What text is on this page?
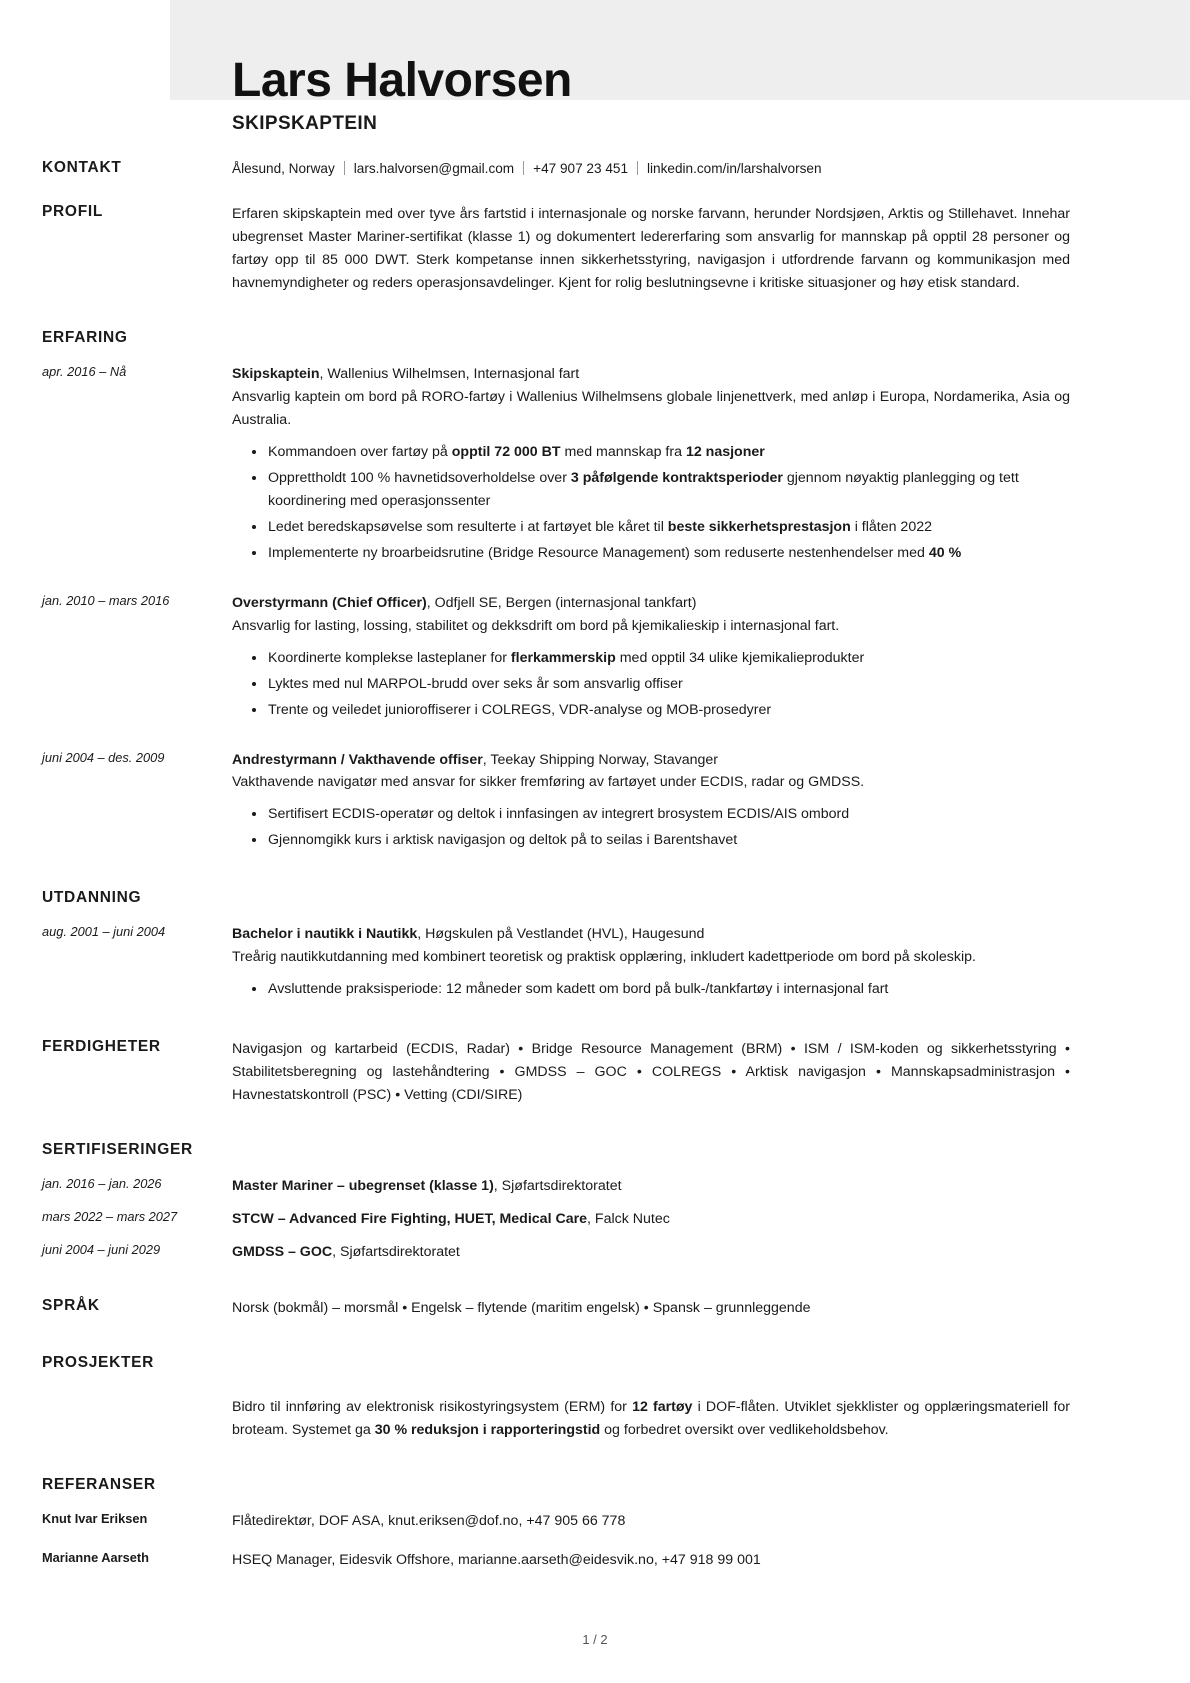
Lars Halvorsen
SKIPSKAPTEIN
KONTAKT	Ålesund, Norway lars.halvorsen@gmail.com +47 907 23 451 linkedin.com/in/larshalvorsen
PROFIL	Erfaren skipskaptein med over tyve års fartstid i internasjonale og norske farvann, herunder Nordsjøen, Arktis og Stillehavet. Innehar ubegrenset Master Mariner-sertifikat (klasse 1) og dokumentert ledererfaring som ansvarlig for mannskap på opptil 28 personer og fartøy opp til 85 000 DWT. Sterk kompetanse innen sikkerhetsstyring, navigasjon i utfordrende farvann og kommunikasjon med havnemyndigheter og reders operasjonsavdelinger. Kjent for rolig beslutningsevne i kritiske situasjoner og høy etisk standard.
ERFARING
apr. 2016 – Nå	Skipskaptein, Wallenius Wilhelmsen, Internasjonal fart
Ansvarlig kaptein om bord på RORO-fartøy i Wallenius Wilhelmsens globale linjenettverk, med anløp i Europa, Nordamerika, Asia og Australia.
Kommandoen over fartøy på opptil 72 000 BT med mannskap fra 12 nasjoner
Opprettholdt 100 % havnetidsoverholdelse over 3 påfølgende kontraktsperioder gjennom nøyaktig planlegging og tett koordinering med operasjonssenter
Ledet beredskapsøvelse som resulterte i at fartøyet ble kåret til beste sikkerhetsprestasjon i flåten 2022
Implementerte ny broarbeidsrutine (Bridge Resource Management) som reduserte nestenhendelser med 40 %
jan. 2010 – mars 2016	Overstyrmann (Chief Officer), Odfjell SE, Bergen (internasjonal tankfart)
Ansvarlig for lasting, lossing, stabilitet og dekksdrift om bord på kjemikalieskip i internasjonal fart.
Koordinerte komplekse lasteplaner for flerkammerskip med opptil 34 ulike kjemikalieprodukter
Lyktes med nul MARPOL-brudd over seks år som ansvarlig offiser
Trente og veiledet junioroffiserer i COLREGS, VDR-analyse og MOB-prosedyrer
juni 2004 – des. 2009	Andrestyrmann / Vakthavende offiser, Teekay Shipping Norway, Stavanger
Vakthavende navigatør med ansvar for sikker fremføring av fartøyet under ECDIS, radar og GMDSS.
Sertifisert ECDIS-operatør og deltok i innfasingen av integrert brosystem ECDIS/AIS ombord
Gjennomgikk kurs i arktisk navigasjon og deltok på to seilas i Barentshavet
UTDANNING
aug. 2001 – juni 2004	Bachelor i nautikk i Nautikk, Høgskulen på Vestlandet (HVL), Haugesund
Treårig nautikkutdanning med kombinert teoretisk og praktisk opplæring, inkludert kadettperiode om bord på skoleskip.
Avsluttende praksisperiode: 12 måneder som kadett om bord på bulk-/tankfartøy i internasjonal fart
FERDIGHETER	Navigasjon og kartarbeid (ECDIS, Radar) • Bridge Resource Management (BRM) • ISM / ISM-koden og sikkerhetsstyring • Stabilitetsberegning og lastehåndtering • GMDSS – GOC • COLREGS • Arktisk navigasjon • Mannskapsadministrasjon • Havnestatskontroll (PSC) • Vetting (CDI/SIRE)
SERTIFISERINGER
jan. 2016 – jan. 2026	Master Mariner – ubegrenset (klasse 1), Sjøfartsdirektoratet
mars 2022 – mars 2027	STCW – Advanced Fire Fighting, HUET, Medical Care, Falck Nutec
juni 2004 – juni 2029	GMDSS – GOC, Sjøfartsdirektoratet
SPRÅK	Norsk (bokmål) – morsmål • Engelsk – flytende (maritim engelsk) • Spansk – grunnleggende
PROSJEKTER
Bidro til innføring av elektronisk risikostyringsystem (ERM) for 12 fartøy i DOF-flåten. Utviklet sjekklister og opplæringsmateriell for broteam. Systemet ga 30 % reduksjon i rapporteringstid og forbedret oversikt over vedlikeholdsbehov.
REFERANSER
Knut Ivar Eriksen	Flåtedirektør, DOF ASA, knut.eriksen@dof.no, +47 905 66 778
Marianne Aarseth	HSEQ Manager, Eidesvik Offshore, marianne.aarseth@eidesvik.no, +47 918 99 001
1 / 2
